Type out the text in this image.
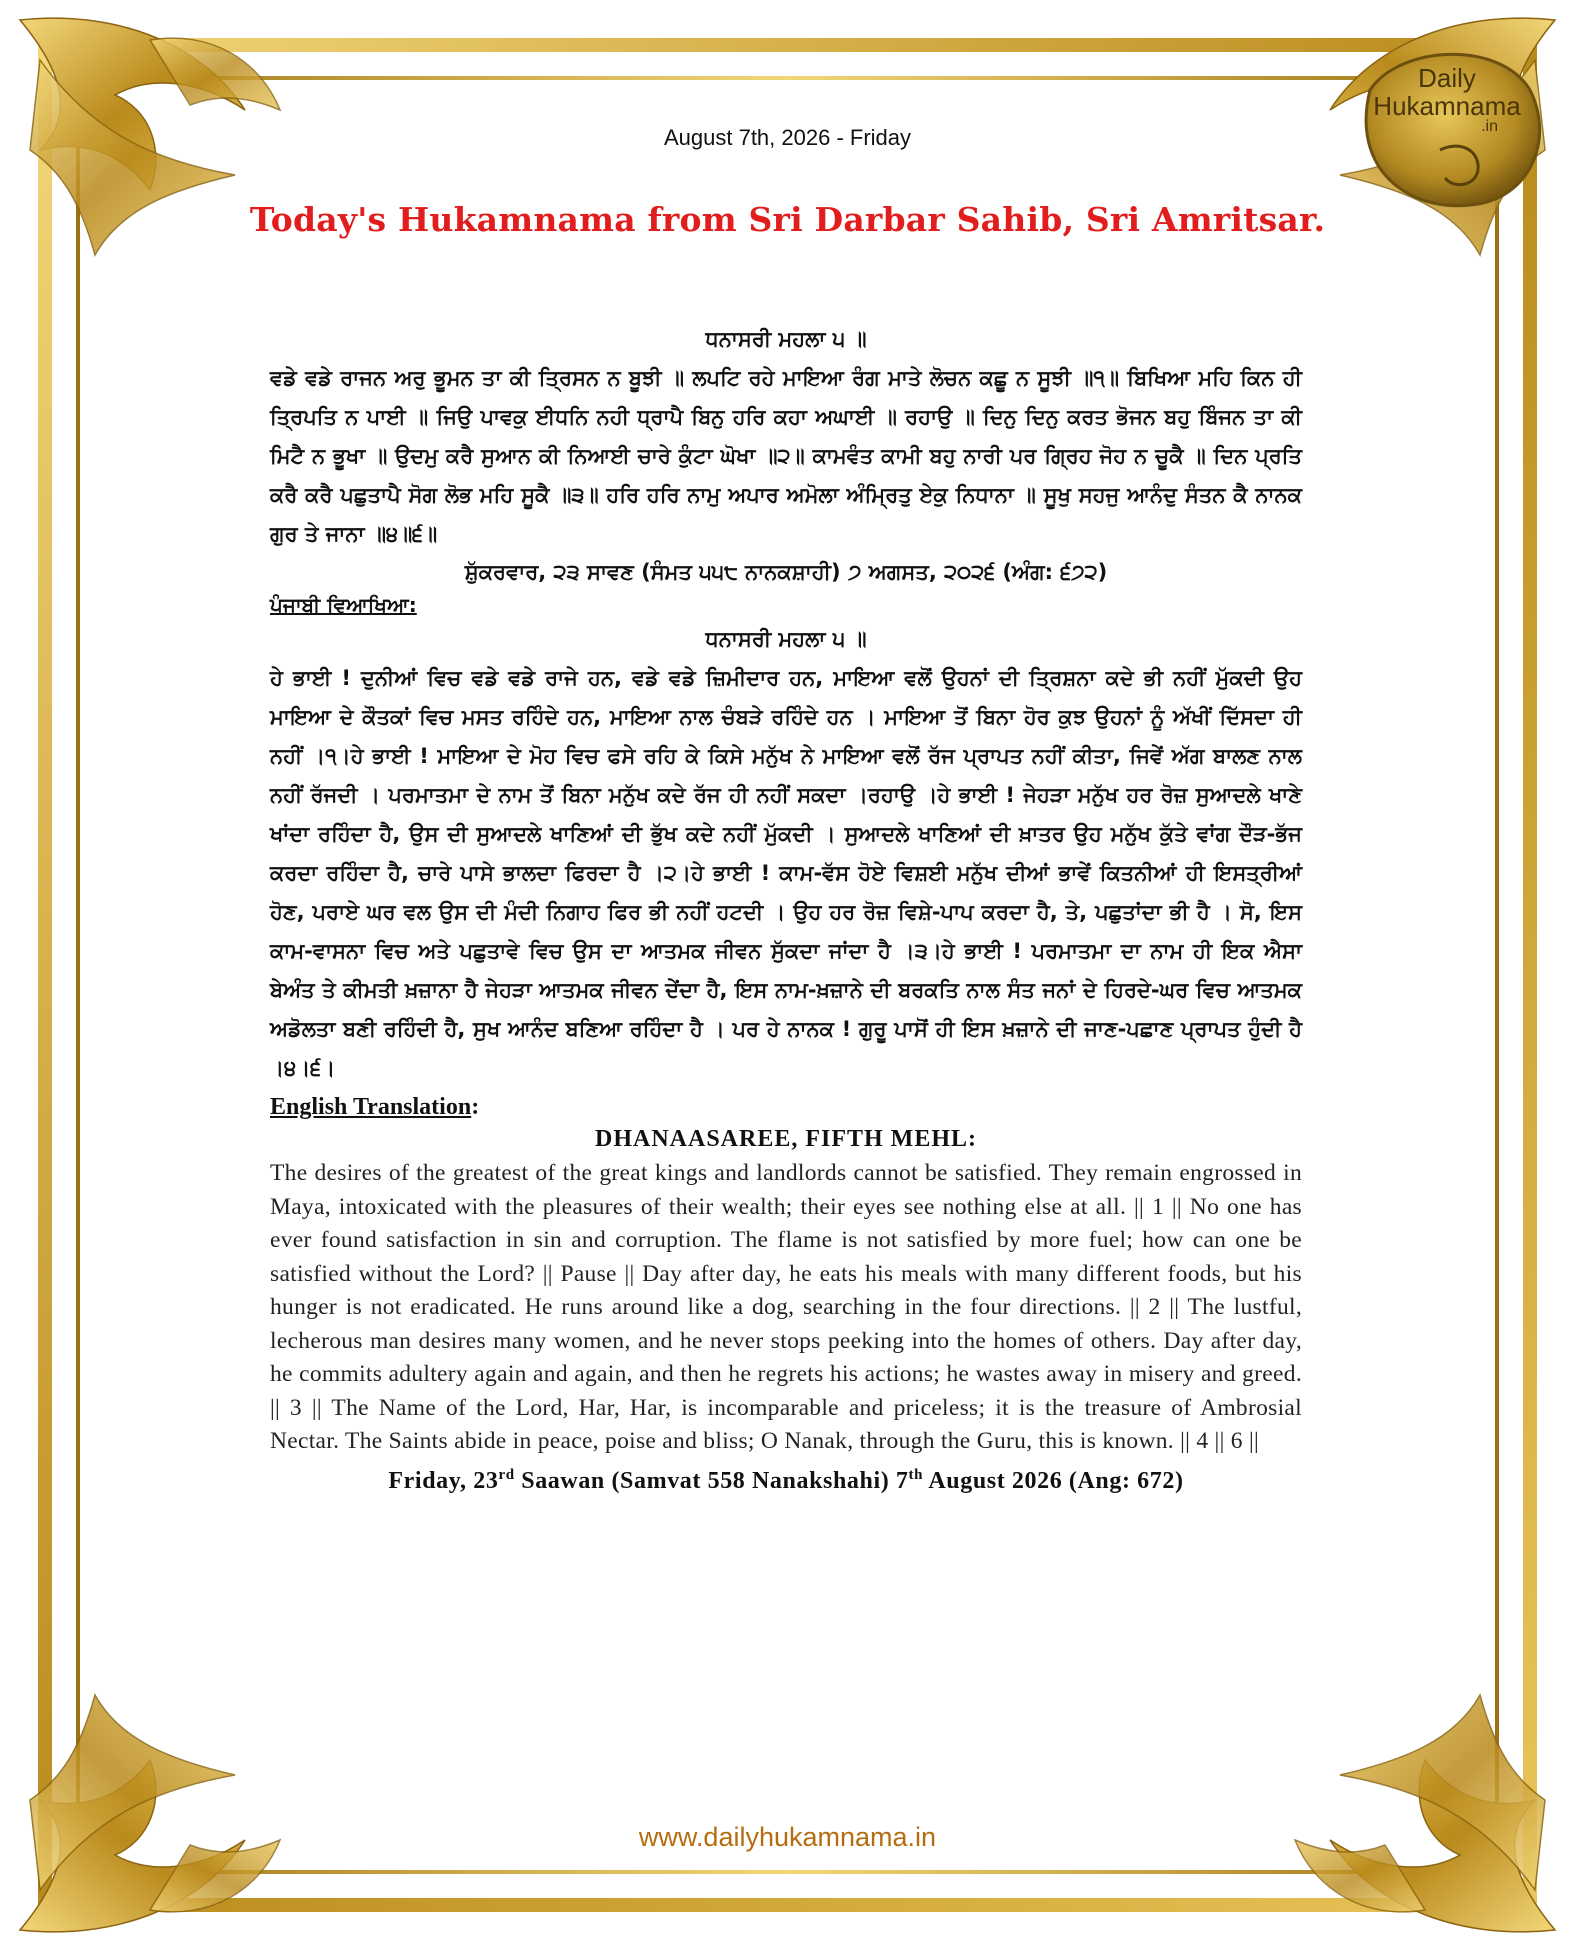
Daily
Hukamnama
.in
August 7th, 2026 - Friday
Today's Hukamnama from Sri Darbar Sahib, Sri Amritsar.

ਧਨਾਸਰੀ ਮਹਲਾ ੫ ॥

ਵਡੇ ਵਡੇ ਰਾਜਨ ਅਰੁ ਭੂਮਨ ਤਾ ਕੀ ਤ੍ਰਿਸਨ ਨ ਬੂਝੀ ॥ ਲਪਟਿ ਰਹੇ ਮਾਇਆ ਰੰਗ ਮਾਤੇ ਲੋਚਨ ਕਛੂ ਨ ਸੂਝੀ ॥੧॥ ਬਿਖਿਆ ਮਹਿ ਕਿਨ ਹੀ ਤ੍ਰਿਪਤਿ ਨ ਪਾਈ ॥ ਜਿਉ ਪਾਵਕੁ ਈਧਨਿ ਨਹੀ ਧ੍ਰਾਪੈ ਬਿਨੁ ਹਰਿ ਕਹਾ ਅਘਾਈ ॥ ਰਹਾਉ ॥ ਦਿਨੁ ਦਿਨੁ ਕਰਤ ਭੋਜਨ ਬਹੁ ਬਿੰਜਨ ਤਾ ਕੀ ਮਿਟੈ ਨ ਭੂਖਾ ॥ ਉਦਮੁ ਕਰੈ ਸੁਆਨ ਕੀ ਨਿਆਈ ਚਾਰੇ ਕੁੰਟਾ ਘੋਖਾ ॥੨॥ ਕਾਮਵੰਤ ਕਾਮੀ ਬਹੁ ਨਾਰੀ ਪਰ ਗ੍ਰਿਹ ਜੋਹ ਨ ਚੂਕੈ ॥ ਦਿਨ ਪ੍ਰਤਿ ਕਰੈ ਕਰੈ ਪਛੁਤਾਪੈ ਸੋਗ ਲੋਭ ਮਹਿ ਸੂਕੈ ॥੩॥ ਹਰਿ ਹਰਿ ਨਾਮੁ ਅਪਾਰ ਅਮੋਲਾ ਅੰਮ੍ਰਿਤੁ ਏਕੁ ਨਿਧਾਨਾ ॥ ਸੂਖੁ ਸਹਜੁ ਆਨੰਦੁ ਸੰਤਨ ਕੈ ਨਾਨਕ ਗੁਰ ਤੇ ਜਾਨਾ ॥੪॥੬॥

ਸ਼ੁੱਕਰਵਾਰ, ੨੩ ਸਾਵਣ (ਸੰਮਤ ੫੫੮ ਨਾਨਕਸ਼ਾਹੀ) ੭ ਅਗਸਤ, ੨੦੨੬ (ਅੰਗ: ੬੭੨)

ਪੰਜਾਬੀ ਵਿਆਖਿਆ:

ਧਨਾਸਰੀ ਮਹਲਾ ੫ ॥

ਹੇ ਭਾਈ ! ਦੁਨੀਆਂ ਵਿਚ ਵਡੇ ਵਡੇ ਰਾਜੇ ਹਨ, ਵਡੇ ਵਡੇ ਜ਼ਿਮੀਦਾਰ ਹਨ, ਮਾਇਆ ਵਲੋਂ ਉਹਨਾਂ ਦੀ ਤ੍ਰਿਸ਼ਨਾ ਕਦੇ ਭੀ ਨਹੀਂ ਮੁੱਕਦੀ ਉਹ ਮਾਇਆ ਦੇ ਕੌਤਕਾਂ ਵਿਚ ਮਸਤ ਰਹਿੰਦੇ ਹਨ, ਮਾਇਆ ਨਾਲ ਚੰਬੜੇ ਰਹਿੰਦੇ ਹਨ । ਮਾਇਆ ਤੋਂ ਬਿਨਾ ਹੋਰ ਕੁਝ ਉਹਨਾਂ ਨੂੰ ਅੱਖੀਂ ਦਿੱਸਦਾ ਹੀ ਨਹੀਂ ।੧।ਹੇ ਭਾਈ ! ਮਾਇਆ ਦੇ ਮੋਹ ਵਿਚ ਫਸੇ ਰਹਿ ਕੇ ਕਿਸੇ ਮਨੁੱਖ ਨੇ ਮਾਇਆ ਵਲੋਂ ਰੱਜ ਪ੍ਰਾਪਤ ਨਹੀਂ ਕੀਤਾ, ਜਿਵੇਂ ਅੱਗ ਬਾਲਣ ਨਾਲ ਨਹੀਂ ਰੱਜਦੀ । ਪਰਮਾਤਮਾ ਦੇ ਨਾਮ ਤੋਂ ਬਿਨਾ ਮਨੁੱਖ ਕਦੇ ਰੱਜ ਹੀ ਨਹੀਂ ਸਕਦਾ ।ਰਹਾਉ ।ਹੇ ਭਾਈ ! ਜੇਹੜਾ ਮਨੁੱਖ ਹਰ ਰੋਜ਼ ਸੁਆਦਲੇ ਖਾਣੇ ਖਾਂਦਾ ਰਹਿੰਦਾ ਹੈ, ਉਸ ਦੀ ਸੁਆਦਲੇ ਖਾਣਿਆਂ ਦੀ ਭੁੱਖ ਕਦੇ ਨਹੀਂ ਮੁੱਕਦੀ । ਸੁਆਦਲੇ ਖਾਣਿਆਂ ਦੀ ਖ਼ਾਤਰ ਉਹ ਮਨੁੱਖ ਕੁੱਤੇ ਵਾਂਗ ਦੌੜ-ਭੱਜ ਕਰਦਾ ਰਹਿੰਦਾ ਹੈ, ਚਾਰੇ ਪਾਸੇ ਭਾਲਦਾ ਫਿਰਦਾ ਹੈ ।੨।ਹੇ ਭਾਈ ! ਕਾਮ-ਵੱਸ ਹੋਏ ਵਿਸ਼ਈ ਮਨੁੱਖ ਦੀਆਂ ਭਾਵੇਂ ਕਿਤਨੀਆਂ ਹੀ ਇਸਤ੍ਰੀਆਂ ਹੋਣ, ਪਰਾਏ ਘਰ ਵਲ ਉਸ ਦੀ ਮੰਦੀ ਨਿਗਾਹ ਫਿਰ ਭੀ ਨਹੀਂ ਹਟਦੀ । ਉਹ ਹਰ ਰੋਜ਼ ਵਿਸ਼ੇ-ਪਾਪ ਕਰਦਾ ਹੈ, ਤੇ, ਪਛੁਤਾਂਦਾ ਭੀ ਹੈ । ਸੋ, ਇਸ ਕਾਮ-ਵਾਸਨਾ ਵਿਚ ਅਤੇ ਪਛੁਤਾਵੇ ਵਿਚ ਉਸ ਦਾ ਆਤਮਕ ਜੀਵਨ ਸੁੱਕਦਾ ਜਾਂਦਾ ਹੈ ।੩।ਹੇ ਭਾਈ ! ਪਰਮਾਤਮਾ ਦਾ ਨਾਮ ਹੀ ਇਕ ਐਸਾ ਬੇਅੰਤ ਤੇ ਕੀਮਤੀ ਖ਼ਜ਼ਾਨਾ ਹੈ ਜੇਹੜਾ ਆਤਮਕ ਜੀਵਨ ਦੇਂਦਾ ਹੈ, ਇਸ ਨਾਮ-ਖ਼ਜ਼ਾਨੇ ਦੀ ਬਰਕਤਿ ਨਾਲ ਸੰਤ ਜਨਾਂ ਦੇ ਹਿਰਦੇ-ਘਰ ਵਿਚ ਆਤਮਕ ਅਡੋਲਤਾ ਬਣੀ ਰਹਿੰਦੀ ਹੈ, ਸੁਖ ਆਨੰਦ ਬਣਿਆ ਰਹਿੰਦਾ ਹੈ । ਪਰ ਹੇ ਨਾਨਕ ! ਗੁਰੂ ਪਾਸੋਂ ਹੀ ਇਸ ਖ਼ਜ਼ਾਨੇ ਦੀ ਜਾਣ-ਪਛਾਣ ਪ੍ਰਾਪਤ ਹੁੰਦੀ ਹੈ ।੪।੬।

English Translation:

DHANAASAREE, FIFTH MEHL:

The desires of the greatest of the great kings and landlords cannot be satisfied. They remain engrossed in Maya, intoxicated with the pleasures of their wealth; their eyes see nothing else at all. || 1 || No one has ever found satisfaction in sin and corruption. The flame is not satisfied by more fuel; how can one be satisfied without the Lord? || Pause || Day after day, he eats his meals with many different foods, but his hunger is not eradicated. He runs around like a dog, searching in the four directions. || 2 || The lustful, lecherous man desires many women, and he never stops peeking into the homes of others. Day after day, he commits adultery again and again, and then he regrets his actions; he wastes away in misery and greed. || 3 || The Name of the Lord, Har, Har, is incomparable and priceless; it is the treasure of Ambrosial Nectar. The Saints abide in peace, poise and bliss; O Nanak, through the Guru, this is known. || 4 || 6 ||

Friday, 23rd Saawan (Samvat 558 Nanakshahi) 7th August 2026 (Ang: 672)

www.dailyhukamnama.in
